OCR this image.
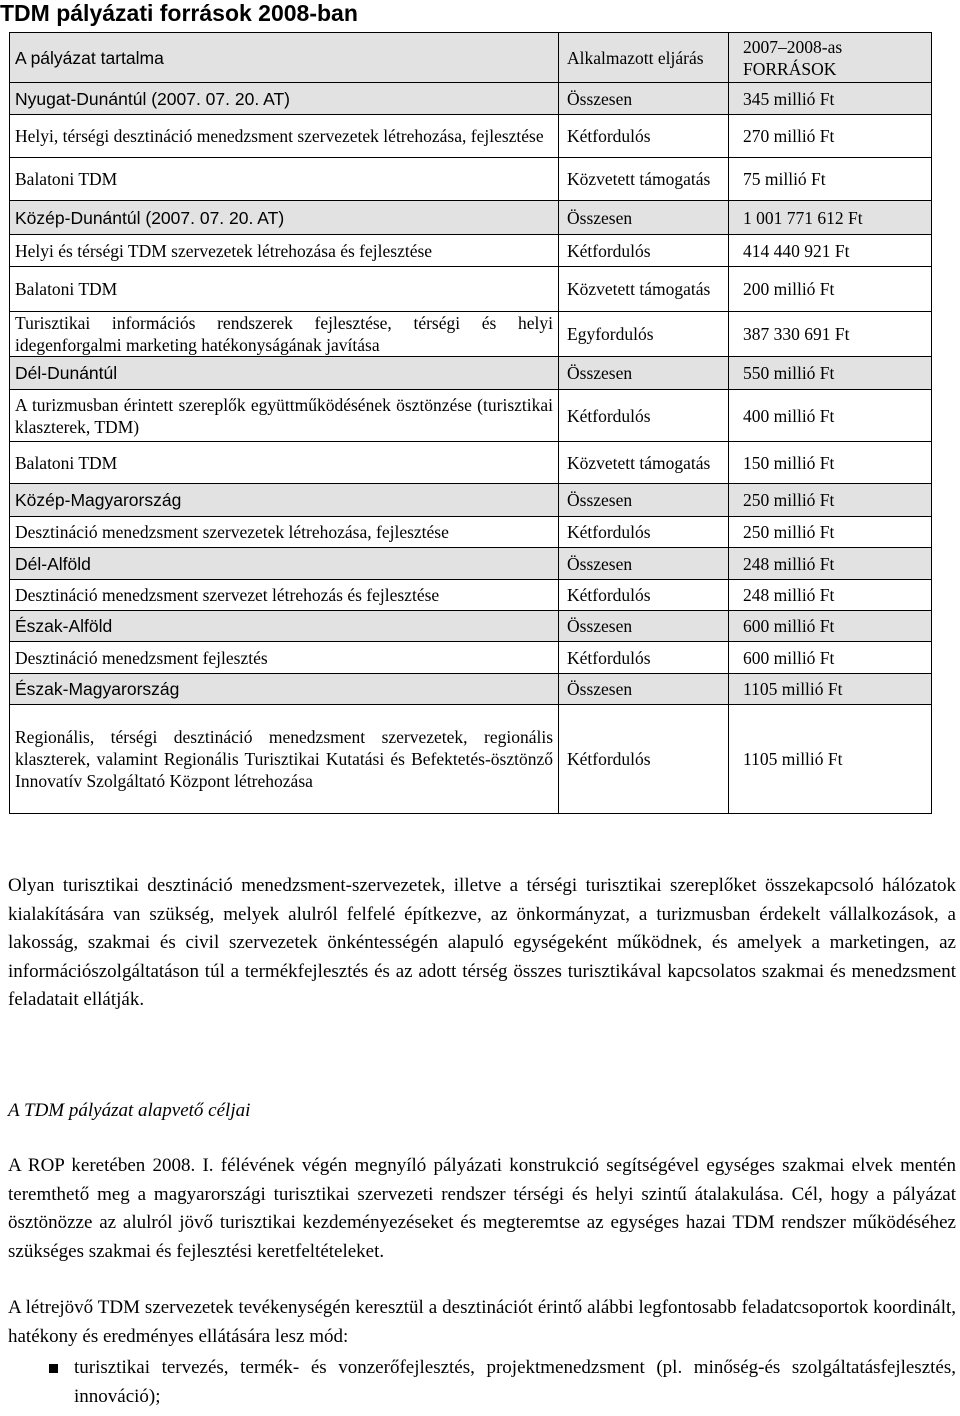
TDM pályázati források 2008-ban
A pályázat tartalma	Alkalmazott eljárás	2007–2008-as FORRÁSOK
Nyugat-Dunántúl (2007. 07. 20. AT)	Összesen	345 millió Ft
Helyi, térségi desztináció menedzsment szervezetek létrehozása, fejlesztése	Kétfordulós	270 millió Ft
Balatoni TDM	Közvetett támogatás	75 millió Ft
Közép-Dunántúl (2007. 07. 20. AT)	Összesen	1 001 771 612 Ft
Helyi és térségi TDM szervezetek létrehozása és fejlesztése	Kétfordulós	414 440 921 Ft
Balatoni TDM	Közvetett támogatás	200 millió Ft
Turisztikai információs rendszerek fejlesztése, térségi és helyi idegenforgalmi marketing hatékonyságának javítása	Egyfordulós	387 330 691 Ft
Dél-Dunántúl	Összesen	550 millió Ft
A turizmusban érintett szereplők együttműködésének ösztönzése (turisztikai klaszterek, TDM)	Kétfordulós	400 millió Ft
Balatoni TDM	Közvetett támogatás	150 millió Ft
Közép-Magyarország	Összesen	250 millió Ft
Desztináció menedzsment szervezetek létrehozása, fejlesztése	Kétfordulós	250 millió Ft
Dél-Alföld	Összesen	248 millió Ft
Desztináció menedzsment szervezet létrehozás és fejlesztése	Kétfordulós	248 millió Ft
Észak-Alföld	Összesen	600 millió Ft
Desztináció menedzsment fejlesztés	Kétfordulós	600 millió Ft
Észak-Magyarország	Összesen	1105 millió Ft
Regionális, térségi desztináció menedzsment szervezetek, regionális klaszterek, valamint Regionális Turisztikai Kutatási és Befektetés-ösztönző Innovatív Szolgáltató Központ létrehozása	Kétfordulós	1105 millió Ft

Olyan turisztikai desztináció menedzsment-szervezetek, illetve a térségi turisztikai szereplőket összekapcsoló hálózatok kialakítására van szükség, melyek alulról felfelé építkezve, az önkormányzat, a turizmusban érdekelt vállalkozások, a lakosság, szakmai és civil szervezetek önkéntességén alapuló egységeként működnek, és amelyek a marketingen, az információszolgáltatáson túl a termékfejlesztés és az adott térség összes turisztikával kapcsolatos szakmai és menedzsment feladatait ellátják.

A TDM pályázat alapvető céljai

A ROP keretében 2008. I. félévének végén megnyíló pályázati konstrukció segítségével egységes szakmai elvek mentén teremthető meg a magyarországi turisztikai szervezeti rendszer térségi és helyi szintű átalakulása. Cél, hogy a pályázat ösztönözze az alulról jövő turisztikai kezdeményezéseket és megteremtse az egységes hazai TDM rendszer működéséhez szükséges szakmai és fejlesztési keretfeltételeket.

A létrejövő TDM szervezetek tevékenységén keresztül a desztinációt érintő alábbi legfontosabb feladatcsoportok koordinált, hatékony és eredményes ellátására lesz mód:

turisztikai tervezés, termék- és vonzerőfejlesztés, projektmenedzsment (pl. minőség-és szolgáltatásfejlesztés, innováció);
